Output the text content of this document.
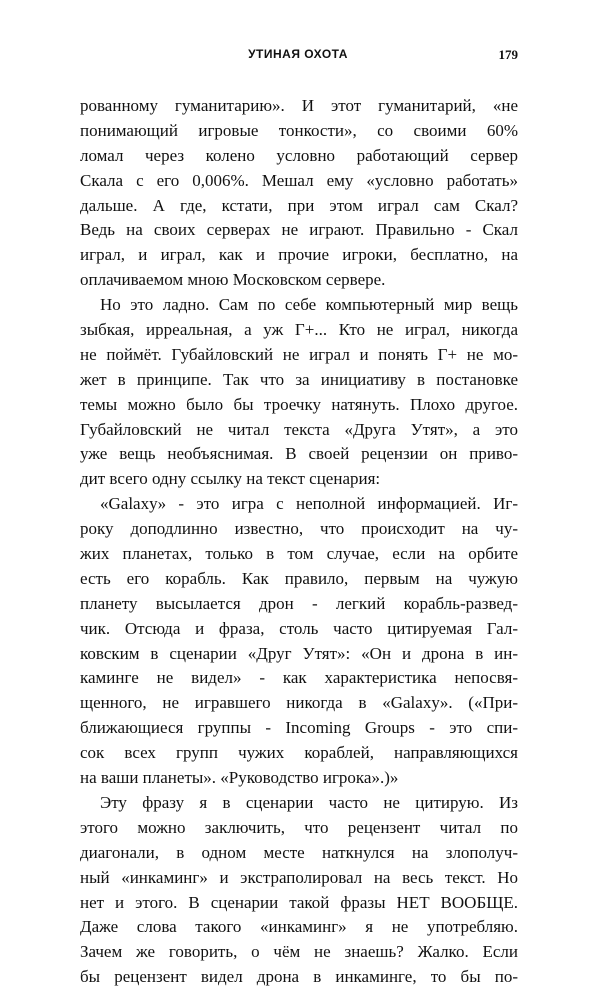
УТИНАЯ ОХОТА	179
рованному гуманитарию». И этот гуманитарий, «не
понимающий игровые тонкости», со своими 60%
ломал через колено условно работающий сервер
Скала с его 0,006%. Мешал ему «условно работать»
дальше. А где, кстати, при этом играл сам Скал?
Ведь на своих серверах не играют. Правильно - Скал
играл, и играл, как и прочие игроки, бесплатно, на
оплачиваемом мною Московском сервере.
Но это ладно. Сам по себе компьютерный мир вещь
зыбкая, ирреальная, а уж Г+... Кто не играл, никогда
не поймёт. Губайловский не играл и понять Г+ не мо-
жет в принципе. Так что за инициативу в постановке
темы можно было бы троечку натянуть. Плохо другое.
Губайловский не читал текста «Друга Утят», а это
уже вещь необъяснимая. В своей рецензии он приво-
дит всего одну ссылку на текст сценария:
«Galaxy» - это игра с неполной информацией. Иг-
року доподлинно известно, что происходит на чу-
жих планетах, только в том случае, если на орбите
есть его корабль. Как правило, первым на чужую
планету высылается дрон - легкий корабль-развед-
чик. Отсюда и фраза, столь часто цитируемая Гал-
ковским в сценарии «Друг Утят»: «Он и дрона в ин-
каминге не видел» - как характеристика непосвя-
щенного, не игравшего никогда в «Galaxy». («При-
ближающиеся группы - Incoming Groups - это спи-
сок всех групп чужих кораблей, направляющихся
на ваши планеты». «Руководство игрока».)»
Эту фразу я в сценарии часто не цитирую. Из
этого можно заключить, что рецензент читал по
диагонали, в одном месте наткнулся на злополуч-
ный «инкаминг» и экстраполировал на весь текст. Но
нет и этого. В сценарии такой фразы НЕТ ВООБЩЕ.
Даже слова такого «инкаминг» я не употребляю.
Зачем же говорить, о чём не знаешь? Жалко. Если
бы рецензент видел дрона в инкаминге, то бы по-
